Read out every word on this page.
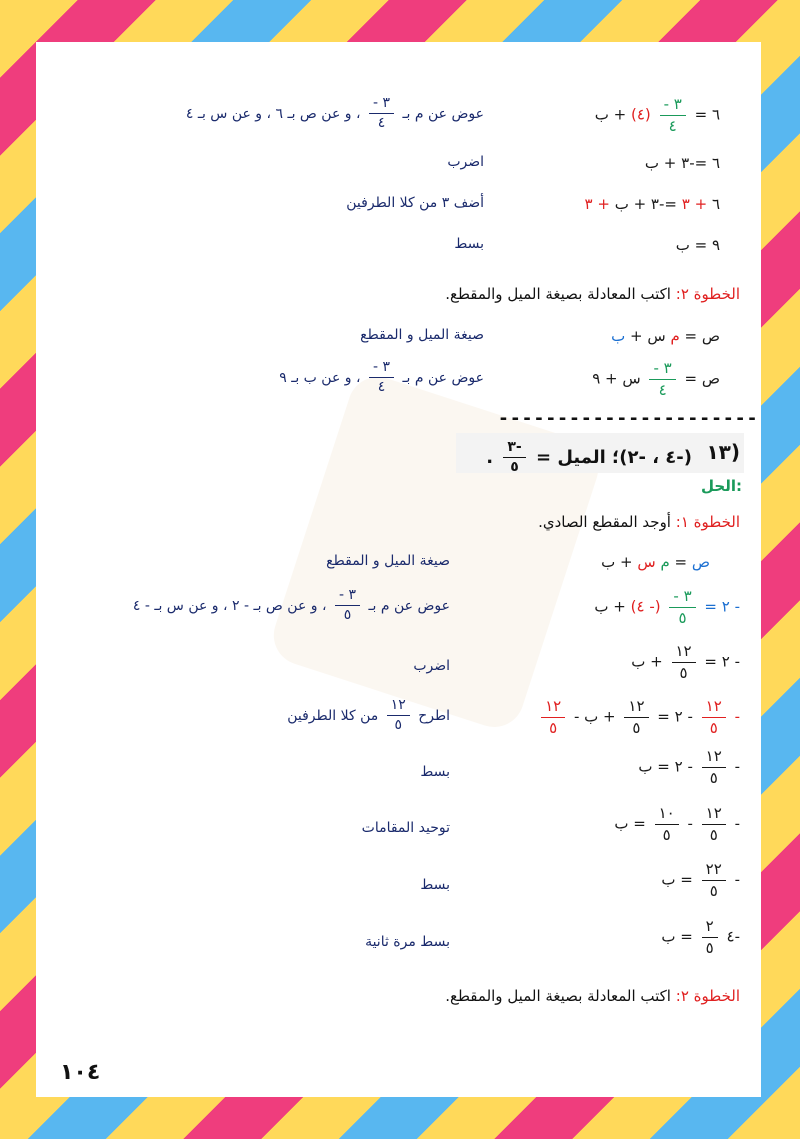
٦ =
$\frac{٣ -}{٤}$
(٤) + ب
عوض عن م بـ
$\frac{٣ -}{٤}$
، و عن ص بـ ٦ ، و عن س بـ ٤
٦ =-٣ + ب
اضرب
٦ + ٣ =-٣ + ب + ٣
أضف ٣ من كلا الطرفين
٩ = ب
بسط
الخطوة ٢: اكتب المعادلة بصيغة الميل والمقطع.
ص = م س + ب
صيغة الميل و المقطع
ص =
$\frac{٣ -}{٤}$
س + ٩
عوض عن م بـ
$\frac{٣ -}{٤}$
، و عن ب بـ ٩
----------------------
١٣)
(-٤ ، -٢)؛ الميل =
$\frac{-٣}{٥}$
.
الحل:
الخطوة ١: أوجد المقطع الصادي.
ص = م س + ب
صيغة الميل و المقطع
- ٢ =
$\frac{٣ -}{٥}$
(- ٤) + ب
عوض عن م بـ
$\frac{٣ -}{٥}$
، و عن ص بـ - ٢ ، و عن س بـ - ٤
- ٢ =
$\frac{١٢}{٥}$
+ ب
اضرب
-
$\frac{١٢}{٥}$
- ٢ =
$\frac{١٢}{٥}$
+ ب -
$\frac{١٢}{٥}$
اطرح
$\frac{١٢}{٥}$
من كلا الطرفين
-
$\frac{١٢}{٥}$
- ٢ = ب
بسط
-
$\frac{١٢}{٥}$
-
$\frac{١٠}{٥}$
= ب
توحيد المقامات
-
$\frac{٢٢}{٥}$
= ب
بسط
-٤
$\frac{٢}{٥}$
= ب
بسط مرة ثانية
الخطوة ٢: اكتب المعادلة بصيغة الميل والمقطع.
١٠٤
